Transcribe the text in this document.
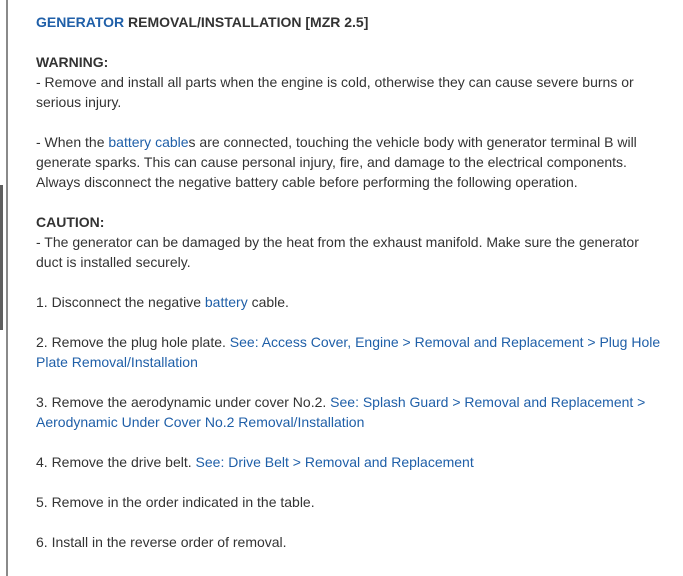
GENERATOR REMOVAL/INSTALLATION [MZR 2.5]
WARNING:

- Remove and install all parts when the engine is cold, otherwise they can cause severe burns or serious injury.

- When the battery cables are connected, touching the vehicle body with generator terminal B will generate sparks. This can cause personal injury, fire, and damage to the electrical components. Always disconnect the negative battery cable before performing the following operation.

CAUTION:

- The generator can be damaged by the heat from the exhaust manifold. Make sure the generator duct is installed securely.

1. Disconnect the negative battery cable.

2. Remove the plug hole plate. See: Access Cover, Engine > Removal and Replacement > Plug Hole Plate Removal/Installation

3. Remove the aerodynamic under cover No.2. See: Splash Guard > Removal and Replacement > Aerodynamic Under Cover No.2 Removal/Installation

4. Remove the drive belt. See: Drive Belt > Removal and Replacement

5. Remove in the order indicated in the table.

6. Install in the reverse order of removal.
